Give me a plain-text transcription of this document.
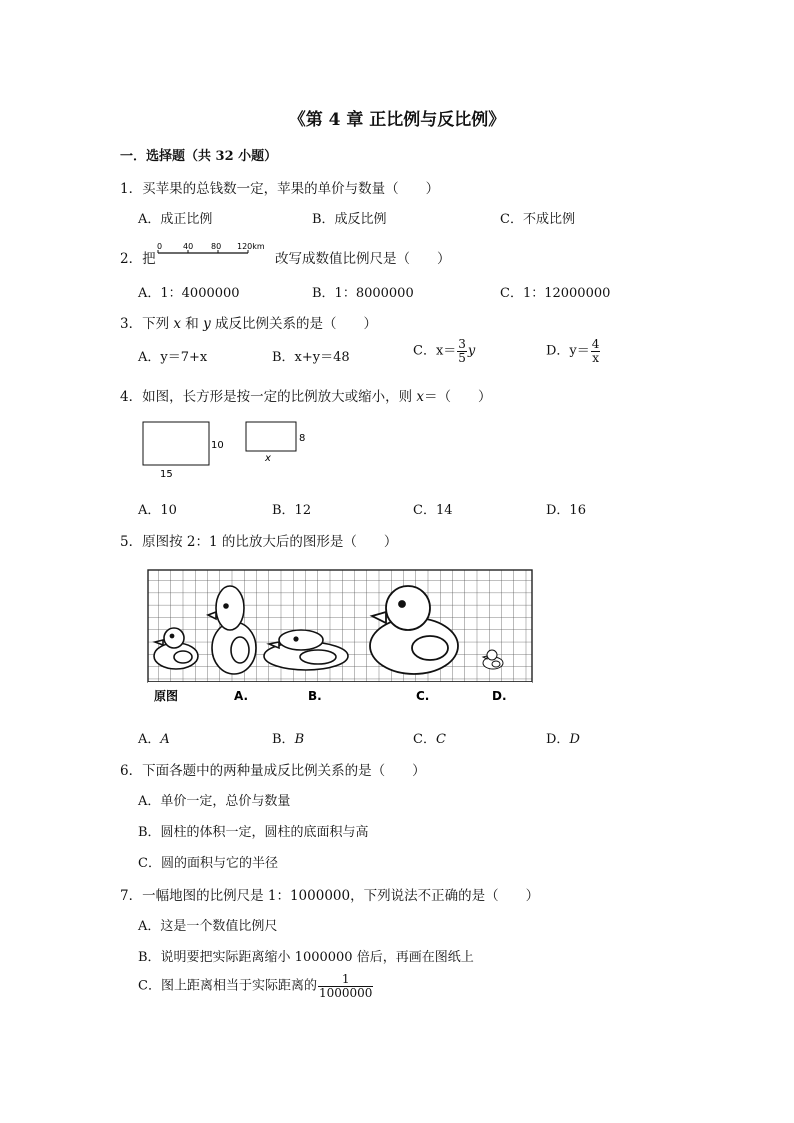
《第 4 章 正比例与反比例》
一．选择题（共 32 小题）
1．买苹果的总钱数一定，苹果的单价与数量（　　）
A．成正比例	B．成反比例	C．不成比例
2．把
0	40 80 120km
改写成数值比例尺是（　　）
A．1：4000000	B．1：8000000	C．1：12000000
3．下列 x 和 y 成反比例关系的是（　　）
A．y＝7+x	B．x+y＝48	C．$x= \frac{3}{5}$ y	D．$y= \frac{4}{x}$
4．如图，长方形是按一定的比例放大或缩小，则 x＝（　　）
10
15
8
x
A．10	B．12	C．14	D．16
5．原图按 2：1 的比放大后的图形是（　　）
原图	A.	B.	C.	D.
A．A	B．B	C．C	D．D
6．下面各题中的两种量成反比例关系的是（　　）
A．单价一定，总价与数量
B．圆柱的体积一定，圆柱的底面积与高
C．圆的面积与它的半径
7．一幅地图的比例尺是 1：1000000，下列说法不正确的是（　　）
A．这是一个数值比例尺
B．说明要把实际距离缩小 1000000 倍后，再画在图纸上
C．图上距离相当于实际距离的 $\frac{1}{1000000}$
